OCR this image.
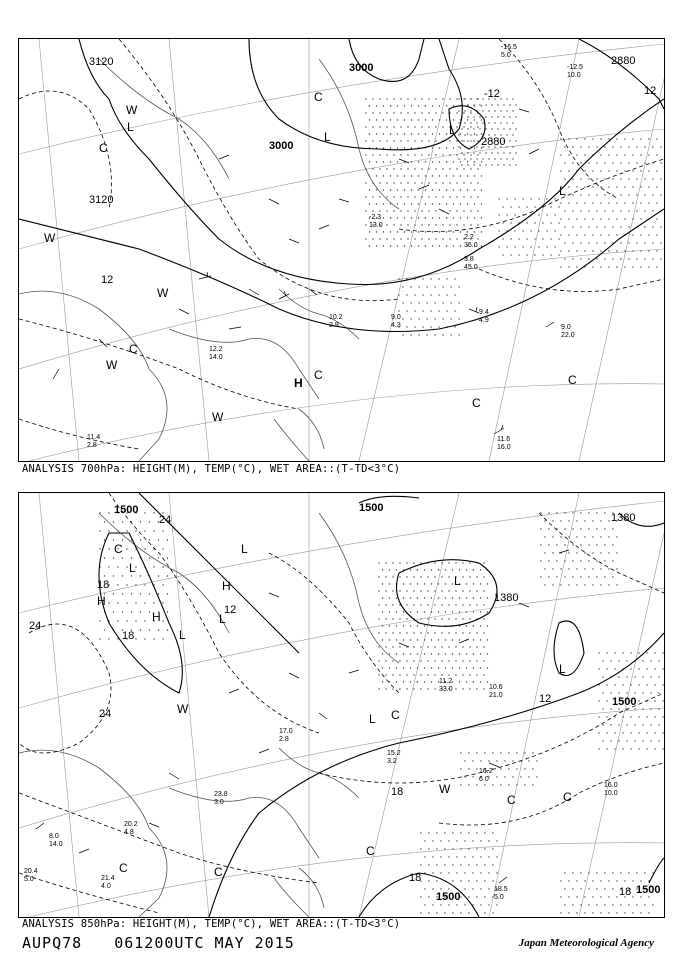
L
W
L
L
H
C
W
W
C
W
W
C
C
C
C
L
3120	3000
3000	2880
2880
3120
12
-12	12
11.6
16.0
9.0
22.0
9.4
4.9
2.2
36.0
3.8
45.0
-2.3
13.0
12.2
14.0
10.2
2.9
9.0
4.3
11.4
2.8
-16.5
5.0
-12.5
10.0
ANALYSIS 700hPa: HEIGHT(M), TEMP(°C), WET AREA::(T-TD<3°C)
L
H
H
L
H
L
L
L
L
L
W
W
C
C
C	C
C
C
C
1500	1500
1380
1380
1500
1500
1500
24
18
24
18
12
24
12
18
18
18
16.0
10.0
18.5
5.0
16.2
6.0
10.6
21.0
11.2
33.0
8.0
14.0
20.2
4.8
21.4
4.0
20.4
5.0
23.8
3.0
15.2
3.2
17.0
2.8
ANALYSIS 850hPa: HEIGHT(M), TEMP(°C), WET AREA::(T-TD<3°C)
AUPQ78 061200UTC MAY 2015	Japan Meteorological Agency
